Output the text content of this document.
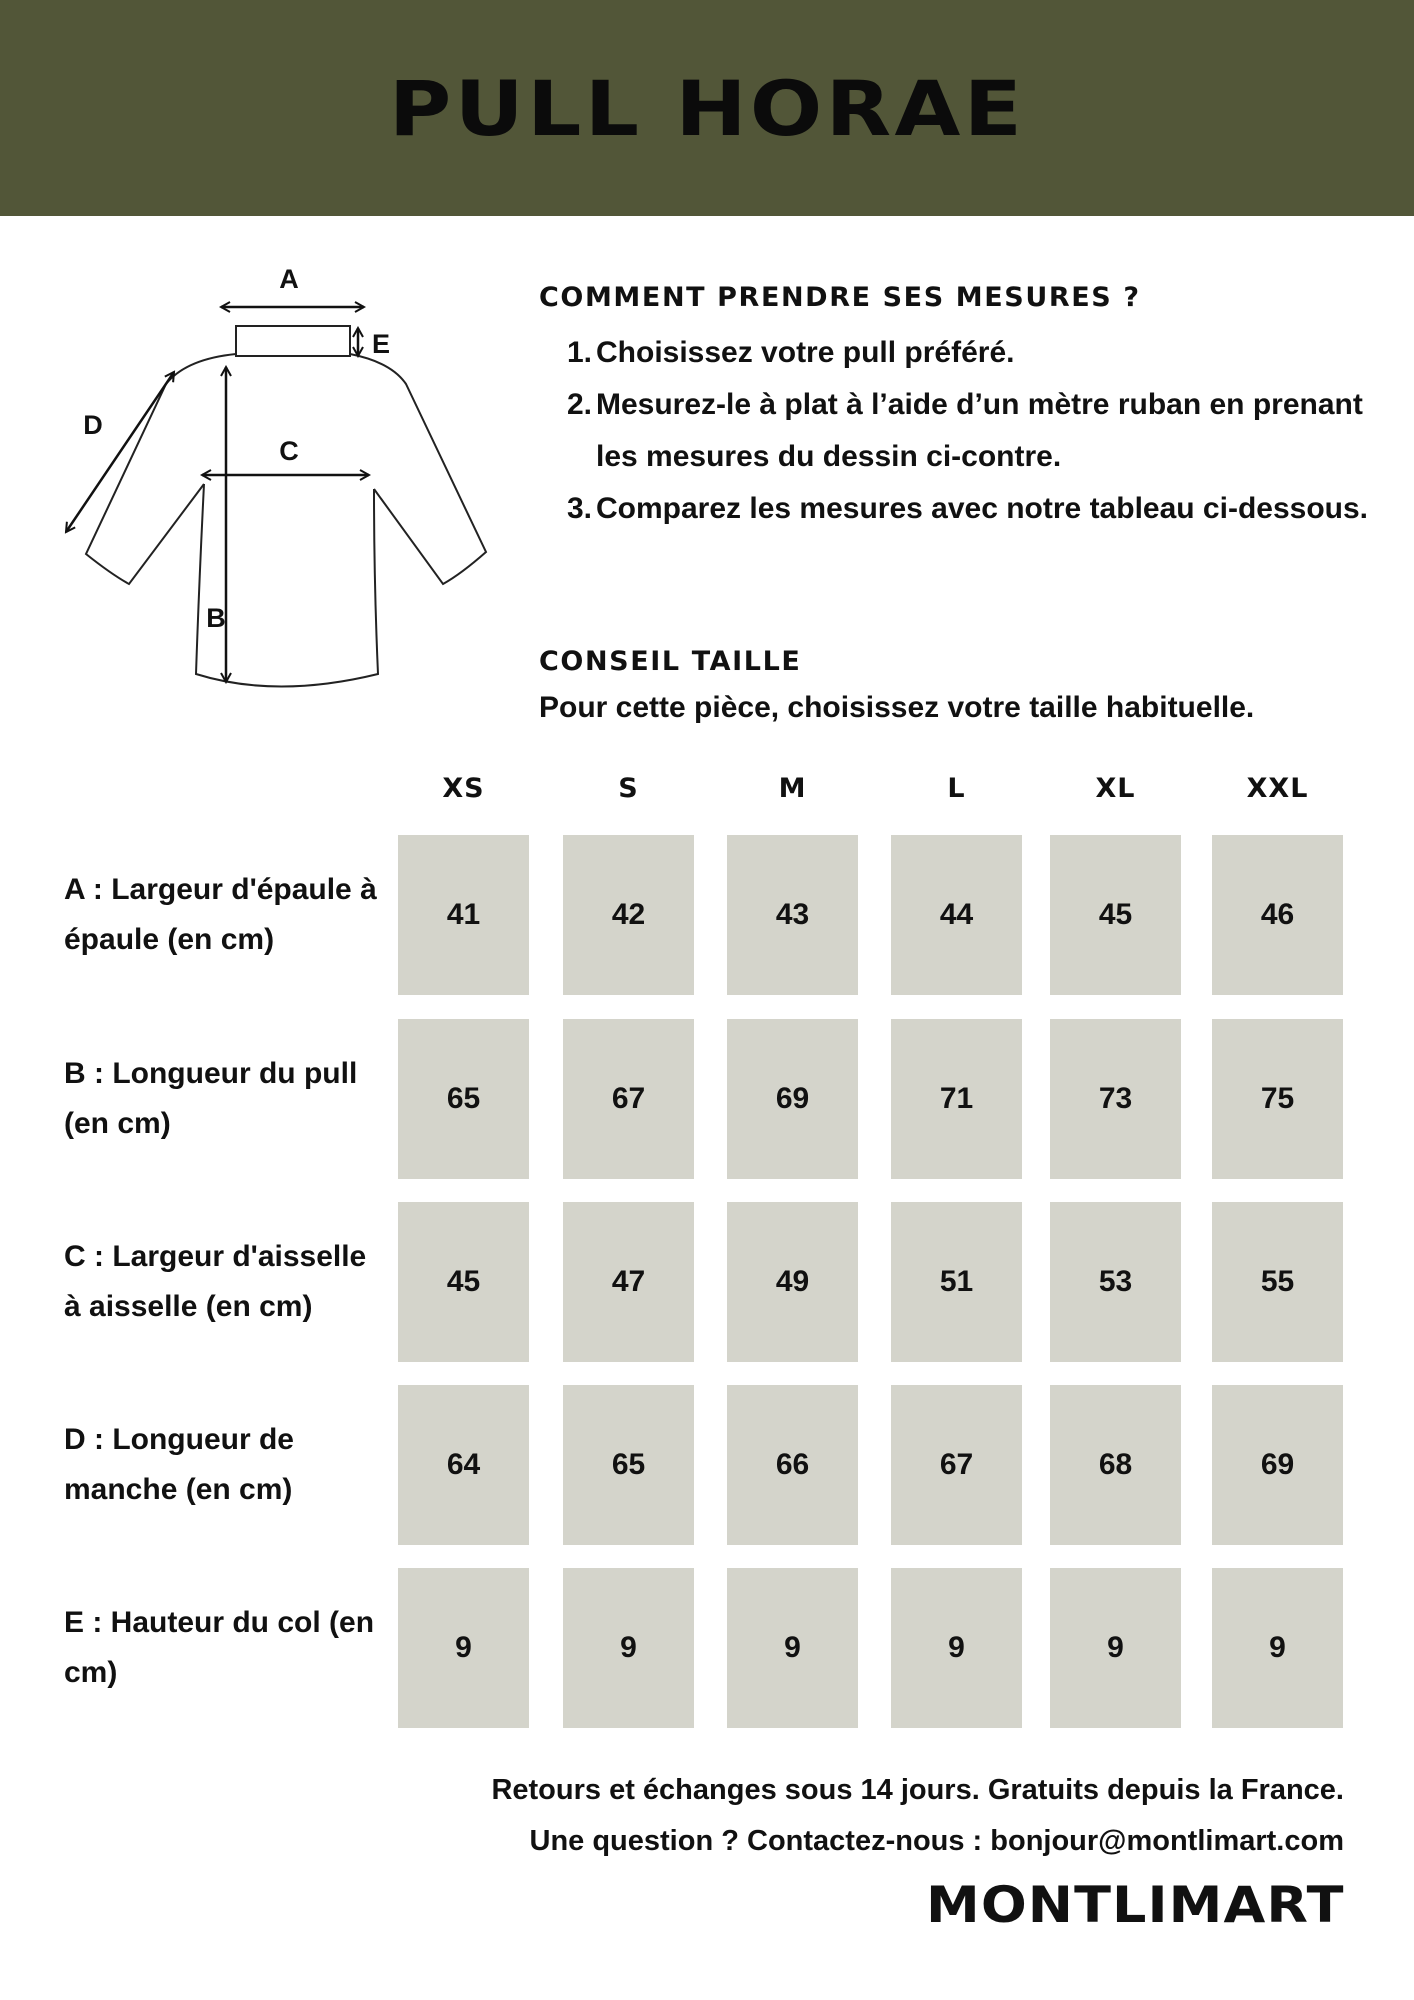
PULL HORAE
A
E
C
D
B
COMMENT PRENDRE SES MESURES ?
1. Choisissez votre pull préféré.
2. Mesurez-le à plat à l’aide d’un mètre ruban en prenant les mesures du dessin ci-contre.
3. Comparez les mesures avec notre tableau ci-dessous.
CONSEIL TAILLE
Pour cette pièce, choisissez votre taille habituelle.
XS	S	M	L	XL	XXL
A : Largeur d'épaule à épaule (en cm)
41	42	43	44	45	46
B : Longueur du pull (en cm)
65	67	69	71	73	75
C : Largeur d'aisselle à aisselle (en cm)
45	47	49	51	53	55
D : Longueur de manche (en cm)
64	65	66	67	68	69
E : Hauteur du col (en cm)
9	9	9	9	9	9
Retours et échanges sous 14 jours. Gratuits depuis la France.
Une question ? Contactez-nous : bonjour@montlimart.com
MONTLIMART
